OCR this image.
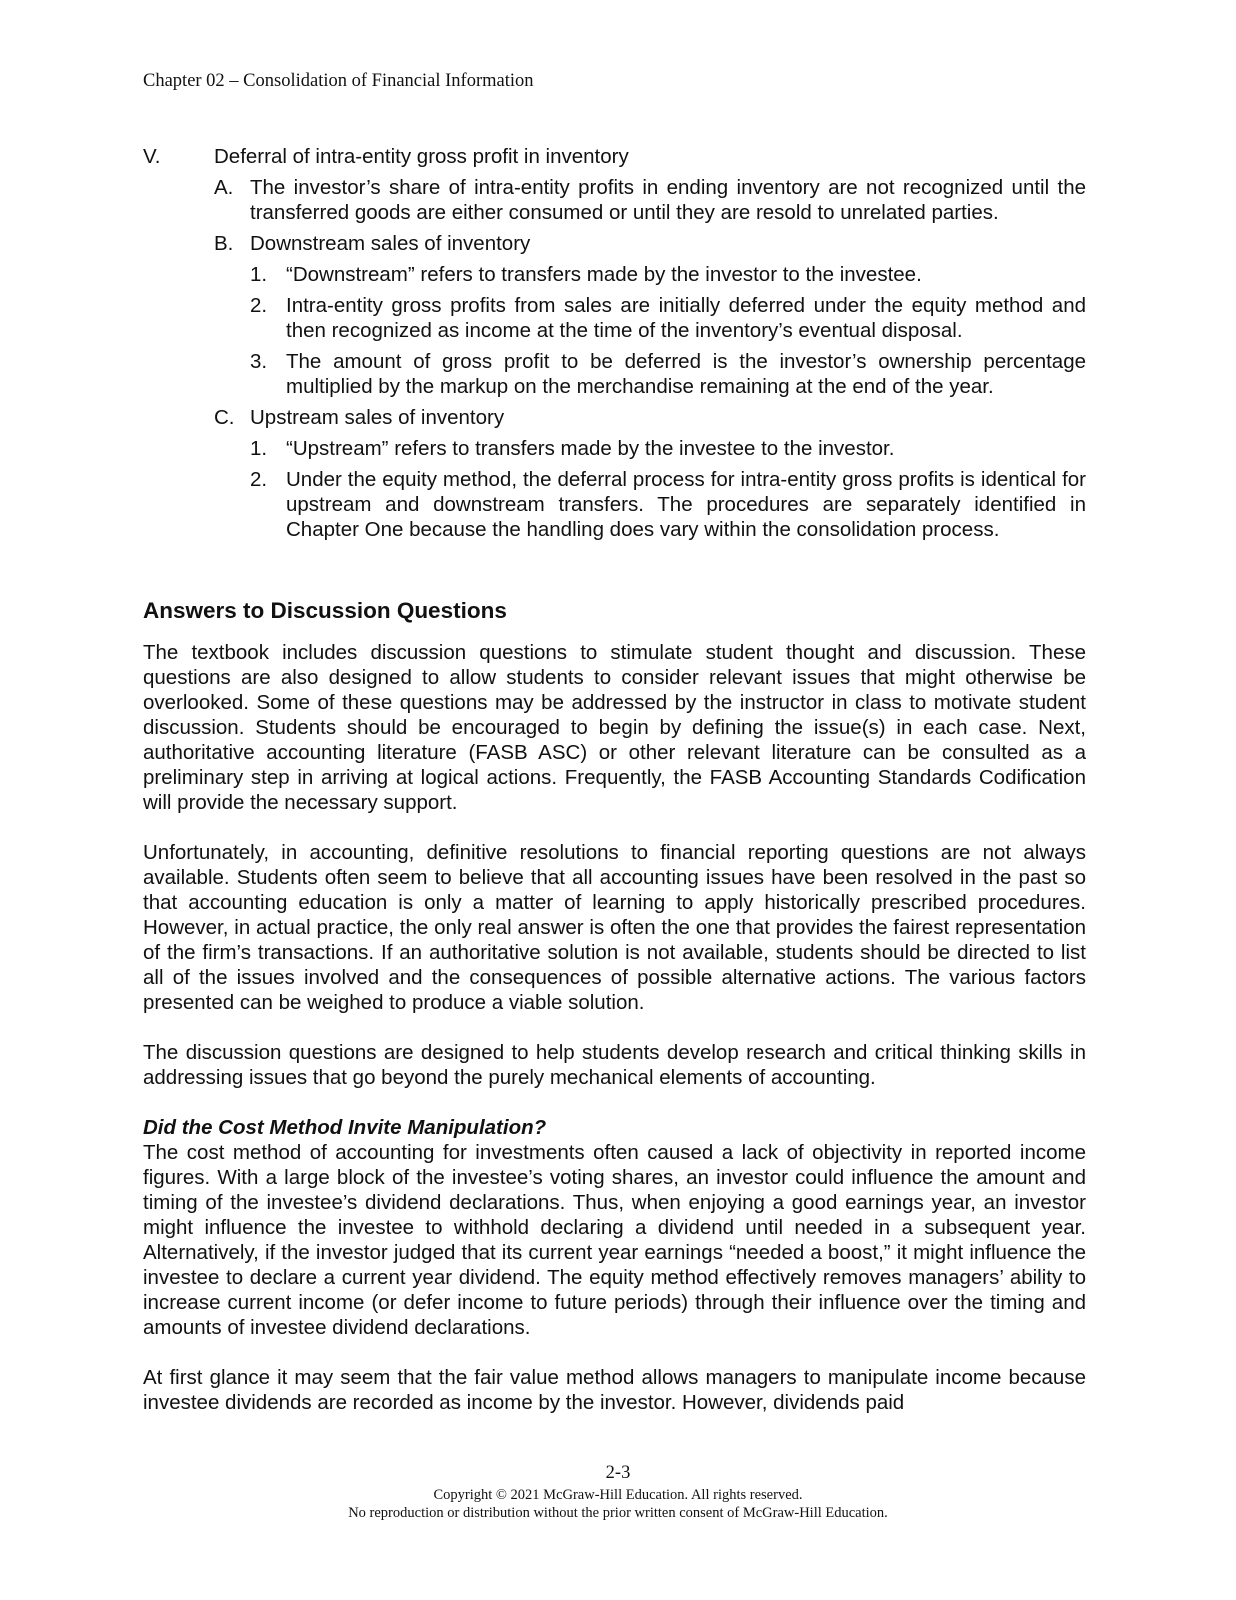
Chapter 02 – Consolidation of Financial Information
V.	Deferral of intra-entity gross profit in inventory
A. The investor’s share of intra-entity profits in ending inventory are not recognized until the transferred goods are either consumed or until they are resold to unrelated parties.
B. Downstream sales of inventory
1. “Downstream” refers to transfers made by the investor to the investee.
2. Intra-entity gross profits from sales are initially deferred under the equity method and then recognized as income at the time of the inventory’s eventual disposal.
3. The amount of gross profit to be deferred is the investor’s ownership percentage multiplied by the markup on the merchandise remaining at the end of the year.
C. Upstream sales of inventory
1. “Upstream” refers to transfers made by the investee to the investor.
2. Under the equity method, the deferral process for intra-entity gross profits is identical for upstream and downstream transfers. The procedures are separately identified in Chapter One because the handling does vary within the consolidation process.
Answers to Discussion Questions
The textbook includes discussion questions to stimulate student thought and discussion. These questions are also designed to allow students to consider relevant issues that might otherwise be overlooked. Some of these questions may be addressed by the instructor in class to motivate student discussion. Students should be encouraged to begin by defining the issue(s) in each case. Next, authoritative accounting literature (FASB ASC) or other relevant literature can be consulted as a preliminary step in arriving at logical actions. Frequently, the FASB Accounting Standards Codification will provide the necessary support.
Unfortunately, in accounting, definitive resolutions to financial reporting questions are not always available. Students often seem to believe that all accounting issues have been resolved in the past so that accounting education is only a matter of learning to apply historically prescribed procedures. However, in actual practice, the only real answer is often the one that provides the fairest representation of the firm’s transactions. If an authoritative solution is not available, students should be directed to list all of the issues involved and the consequences of possible alternative actions. The various factors presented can be weighed to produce a viable solution.
The discussion questions are designed to help students develop research and critical thinking skills in addressing issues that go beyond the purely mechanical elements of accounting.
Did the Cost Method Invite Manipulation?
The cost method of accounting for investments often caused a lack of objectivity in reported income figures. With a large block of the investee’s voting shares, an investor could influence the amount and timing of the investee’s dividend declarations. Thus, when enjoying a good earnings year, an investor might influence the investee to withhold declaring a dividend until needed in a subsequent year. Alternatively, if the investor judged that its current year earnings “needed a boost,” it might influence the investee to declare a current year dividend. The equity method effectively removes managers’ ability to increase current income (or defer income to future periods) through their influence over the timing and amounts of investee dividend declarations.
At first glance it may seem that the fair value method allows managers to manipulate income because investee dividends are recorded as income by the investor. However, dividends paid
2-3
Copyright © 2021 McGraw-Hill Education. All rights reserved.
No reproduction or distribution without the prior written consent of McGraw-Hill Education.
